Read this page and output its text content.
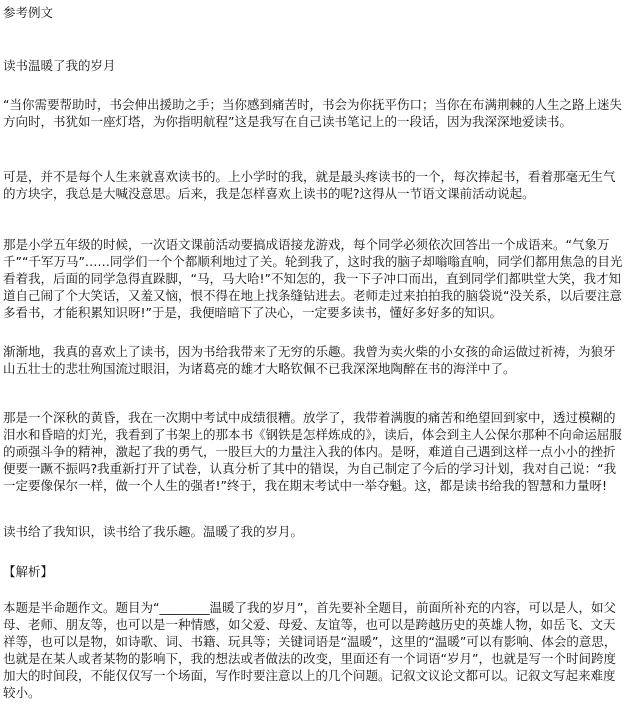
参考例文
读书温暖了我的岁月

“当你需要帮助时，书会伸出援助之手；当你感到痛苦时，书会为你抚平伤口；当你在布满荆棘的人生之路上迷失方向时，书犹如一座灯塔，为你指明航程”这是我写在自己读书笔记上的一段话，因为我深深地爱读书。

可是，并不是每个人生来就喜欢读书的。上小学时的我，就是最头疼读书的一个，每次捧起书，看着那毫无生气的方块字，我总是大喊没意思。后来，我是怎样喜欢上读书的呢?这得从一节语文课前活动说起。

那是小学五年级的时候，一次语文课前活动要搞成语接龙游戏，每个同学必须依次回答出一个成语来。“气象万千”“千军万马”……同学们一个个都顺利地过了关。轮到我了，这时我的脑子却嗡嗡直响，同学们都用焦急的目光看着我，后面的同学急得直跺脚，“马，马大哈!”不知怎的，我一下子冲口而出，直到同学们都哄堂大笑，我才知道自己闹了个大笑话，又羞又恼，恨不得在地上找条缝钻进去。老师走过来拍拍我的脑袋说“没关系，以后要注意多看书，才能积累知识呀!”于是，我便暗暗下了决心，一定要多读书，懂好多好多的知识。

渐渐地，我真的喜欢上了读书，因为书给我带来了无穷的乐趣。我曾为卖火柴的小女孩的命运做过祈祷，为狼牙山五壮士的悲壮殉国流过眼泪，为诸葛亮的雄才大略钦佩不已我深深地陶醉在书的海洋中了。

那是一个深秋的黄昏，我在一次期中考试中成绩很糟。放学了，我带着满腹的痛苦和绝望回到家中，透过模糊的泪水和昏暗的灯光，我看到了书架上的那本书《钢铁是怎样炼成的》，读后，体会到主人公保尔那种不向命运屈服的顽强斗争的精神，激起了我的勇气，一股巨大的力量注入我的体内。是呀，难道自己遇到这样一点小小的挫折便要一蹶不振吗?我重新打开了试卷，认真分析了其中的错误，为自己制定了今后的学习计划，我对自己说：“我一定要像保尔一样，做一个人生的强者!”终于，我在期末考试中一举夺魁。这，都是读书给我的智慧和力量呀!

读书给了我知识，读书给了我乐趣。温暖了我的岁月。

【解析】

本题是半命题作文。题目为“________温暖了我的岁月”，首先要补全题目，前面所补充的内容，可以是人，如父母、老师、朋友等，也可以是一种情感，如父爱、母爱、友谊等，也可以是跨越历史的英雄人物，如岳飞、文天祥等，也可以是物，如诗歌、词、书籍、玩具等；关键词语是“温暖”，这里的“温暖”可以有影响、体会的意思，也就是在某人或者某物的影响下，我的想法或者做法的改变，里面还有一个词语“岁月”，也就是写一个时间跨度加大的时间段，不能仅仅写一个场面，写作时要注意以上的几个问题。记叙文议论文都可以。记叙文写起来难度较小。
